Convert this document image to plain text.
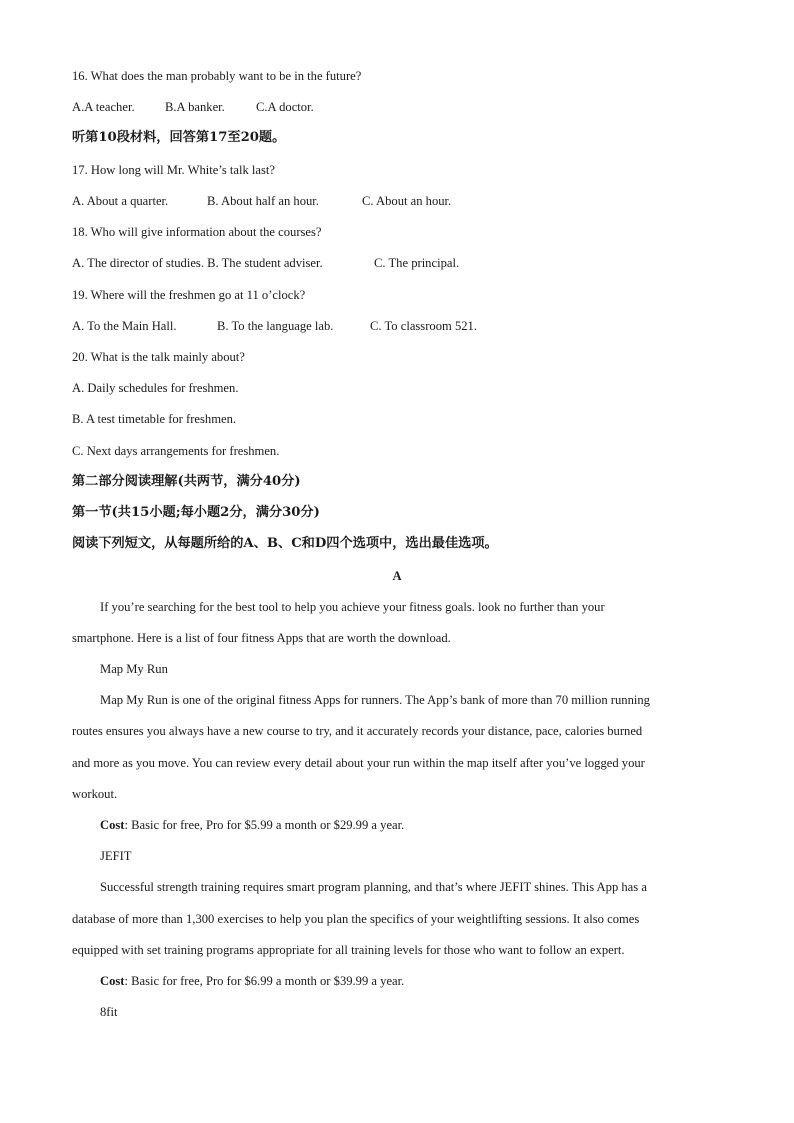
16. What does the man probably want to be in the future?
A.A teacher. B.A banker. C.A doctor.
听第10段材料，回答第17至20题。
17. How long will Mr. White’s talk last?
A. About a quarter.	B. About half an hour.	C. About an hour.
18. Who will give information about the courses?
A. The director of studies. B. The student adviser.	C. The principal.
19. Where will the freshmen go at 11 o’clock?
A. To the Main Hall.	B. To the language lab.	C. To classroom 521.
20. What is the talk mainly about?
A. Daily schedules for freshmen.
B. A test timetable for freshmen.
C. Next days arrangements for freshmen.
第二部分阅读理解(共两节，满分40分)
第一节(共15小题;每小题2分，满分30分)
阅读下列短文，从每题所给的A、B、C和D四个选项中，选出最佳选项。
A
If you’re searching for the best tool to help you achieve your fitness goals. look no further than your
smartphone. Here is a list of four fitness Apps that are worth the download.
Map My Run
Map My Run is one of the original fitness Apps for runners. The App’s bank of more than 70 million running
routes ensures you always have a new course to try, and it accurately records your distance, pace, calories burned
and more as you move. You can review every detail about your run within the map itself after you’ve logged your
workout.
Cost: Basic for free, Pro for $5.99 a month or $29.99 a year.
JEFIT
Successful strength training requires smart program planning, and that’s where JEFIT shines. This App has a
database of more than 1,300 exercises to help you plan the specifics of your weightlifting sessions. It also comes
equipped with set training programs appropriate for all training levels for those who want to follow an expert.
Cost: Basic for free, Pro for $6.99 a month or $39.99 a year.
8fit
